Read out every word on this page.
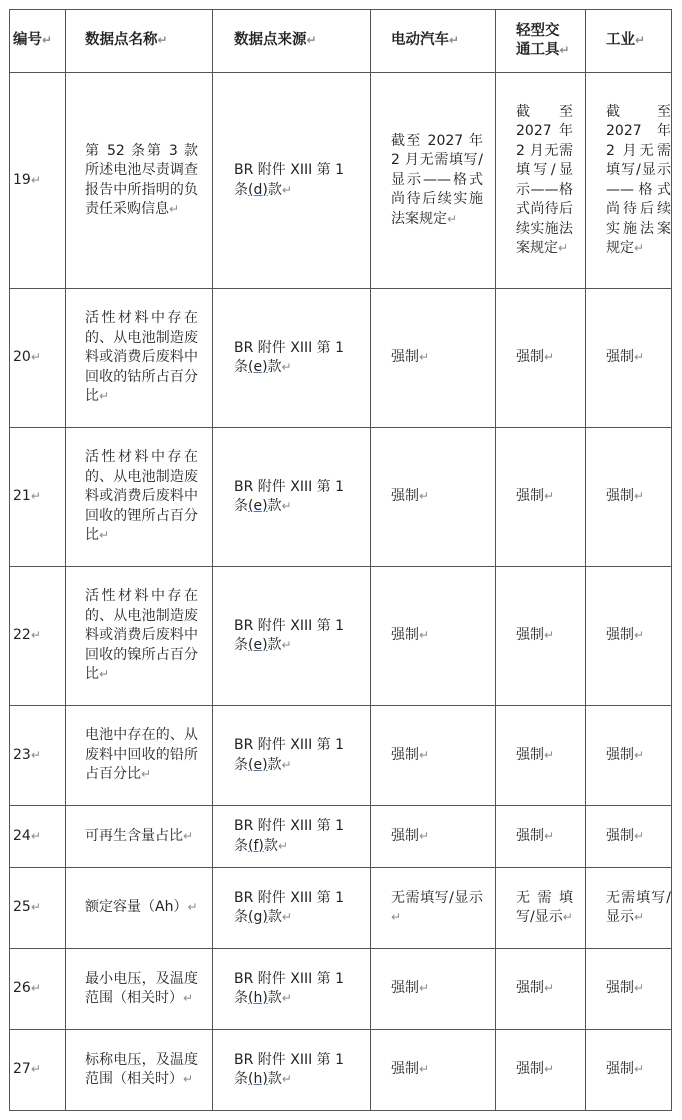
编号↵	数据点名称↵	数据点来源↵	电动汽车↵	轻型交通工具↵	工业↵
19↵	第 52 条第 3 款所述电池尽责调查报告中所指明的负责任采购信息↵	BR 附件 XIII 第 1 条(d)款↵	截至 2027 年 2 月无需填写/显示——格式尚待后续实施法案规定↵	截至 2027 年 2 月无需填写/显示——格式尚待后续实施法案规定↵	截至 2027 年 2 月无需填写/显示——格式尚待后续实施法案规定↵
20↵	活性材料中存在的、从电池制造废料或消费后废料中回收的钴所占百分比↵	BR 附件 XIII 第 1 条(e)款↵	强制↵	强制↵	强制↵
21↵	活性材料中存在的、从电池制造废料或消费后废料中回收的锂所占百分比↵	BR 附件 XIII 第 1 条(e)款↵	强制↵	强制↵	强制↵
22↵	活性材料中存在的、从电池制造废料或消费后废料中回收的镍所占百分比↵	BR 附件 XIII 第 1 条(e)款↵	强制↵	强制↵	强制↵
23↵	电池中存在的、从废料中回收的铅所占百分比↵	BR 附件 XIII 第 1 条(e)款↵	强制↵	强制↵	强制↵
24↵	可再生含量占比↵	BR 附件 XIII 第 1 条(f)款↵	强制↵	强制↵	强制↵
25↵	额定容量（Ah）↵	BR 附件 XIII 第 1 条(g)款↵	无需填写/显示↵	无需填写/显示↵	无需填写/显示↵
26↵	最小电压，及温度范围（相关时）↵	BR 附件 XIII 第 1 条(h)款↵	强制↵	强制↵	强制↵
27↵	标称电压，及温度范围（相关时）↵	BR 附件 XIII 第 1 条(h)款↵	强制↵	强制↵	强制↵
